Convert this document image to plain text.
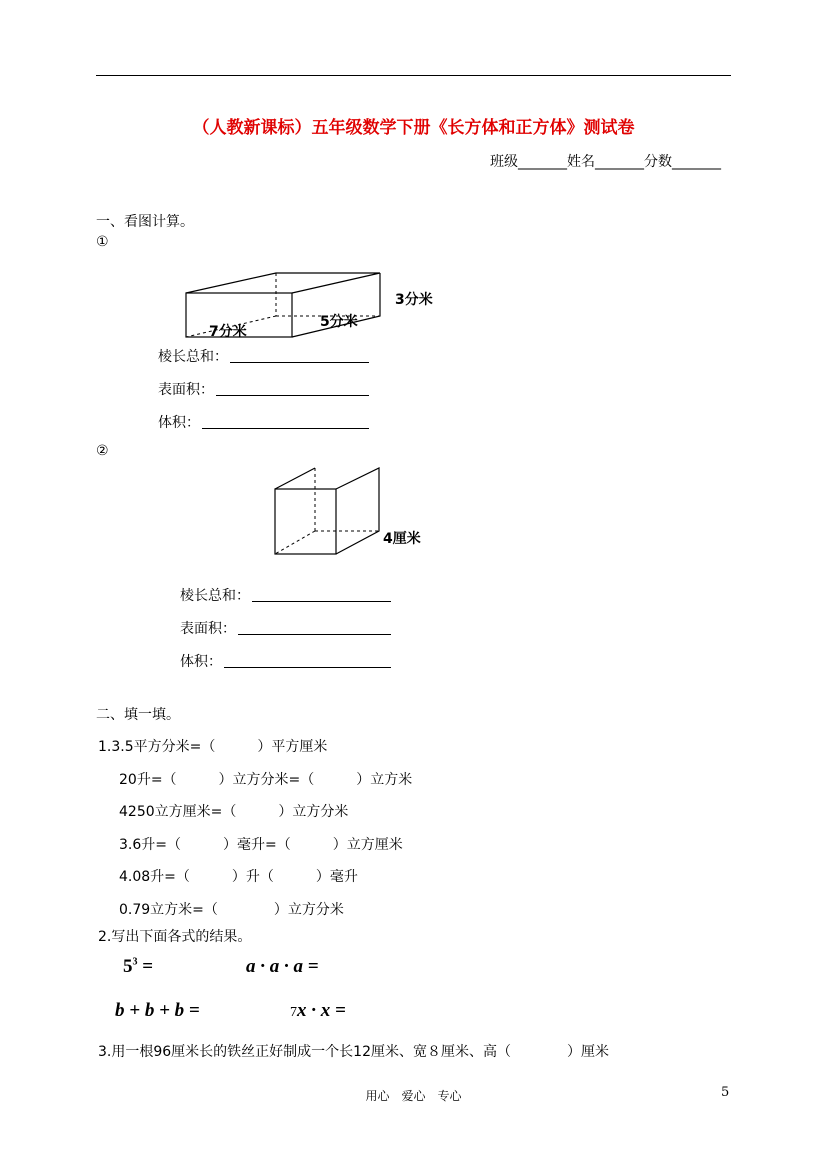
（人教新课标）五年级数学下册《长方体和正方体》测试卷
班级_______姓名_______分数_______
一、看图计算。
①
7分米
5分米
3分米
棱长总和：
表面积：
体积：
②
4厘米
棱长总和：
表面积：
体积：
二、填一填。
1.3.5平方分米=（　　　）平方厘米
20升=（　　　）立方分米=（　　　）立方米
4250立方厘米=（　　　）立方分米
3.6升=（　　　）毫升=（　　　）立方厘米
4.08升=（　　　）升（　　　）毫升
0.79立方米=（　　　　）立方分米
2.写出下面各式的结果。
$5^3$ =	a · a · a =
b + b + b =	7x · x =
3.用一根96厘米长的铁丝正好制成一个长12厘米、宽８厘米、高（　　　　）厘米
用心　爱心　专心	5
